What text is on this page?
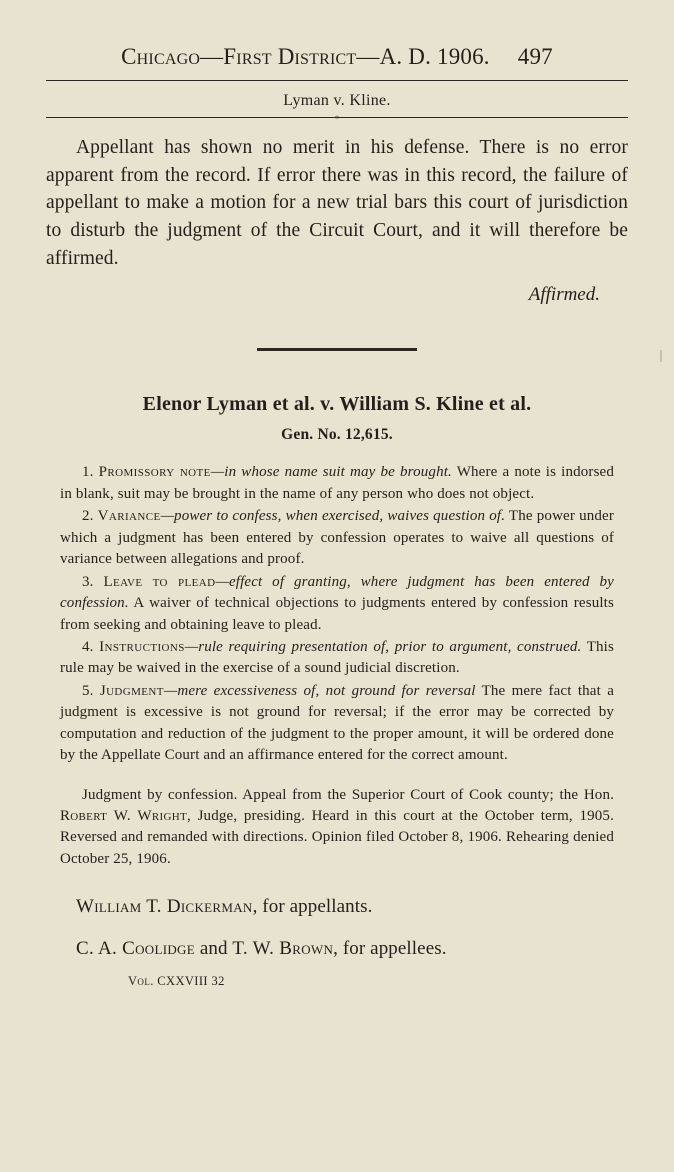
Chicago—First District—A. D. 1906. 497
Lyman v. Kline.
*
Appellant has shown no merit in his defense. There is no error apparent from the record. If error there was in this record, the failure of appellant to make a motion for a new trial bars this court of jurisdiction to disturb the judgment of the Circuit Court, and it will therefore be affirmed.
Affirmed.
Elenor Lyman et al. v. William S. Kline et al.
Gen. No. 12,615.
1. Promissory note—in whose name suit may be brought. Where a note is indorsed in blank, suit may be brought in the name of any person who does not object.
2. Variance—power to confess, when exercised, waives question of. The power under which a judgment has been entered by confession operates to waive all questions of variance between allegations and proof.
3. Leave to plead—effect of granting, where judgment has been entered by confession. A waiver of technical objections to judgments entered by confession results from seeking and obtaining leave to plead.
4. Instructions—rule requiring presentation of, prior to argument, construed. This rule may be waived in the exercise of a sound judicial discretion.
5. Judgment—mere excessiveness of, not ground for reversal The mere fact that a judgment is excessive is not ground for reversal; if the error may be corrected by computation and reduction of the judgment to the proper amount, it will be ordered done by the Appellate Court and an affirmance entered for the correct amount.
Judgment by confession. Appeal from the Superior Court of Cook county; the Hon. Robert W. Wright, Judge, presiding. Heard in this court at the October term, 1905. Reversed and remanded with directions. Opinion filed October 8, 1906. Rehearing denied October 25, 1906.
William T. Dickerman, for appellants.
C. A. Coolidge and T. W. Brown, for appellees.
Vol. CXXVIII 32
